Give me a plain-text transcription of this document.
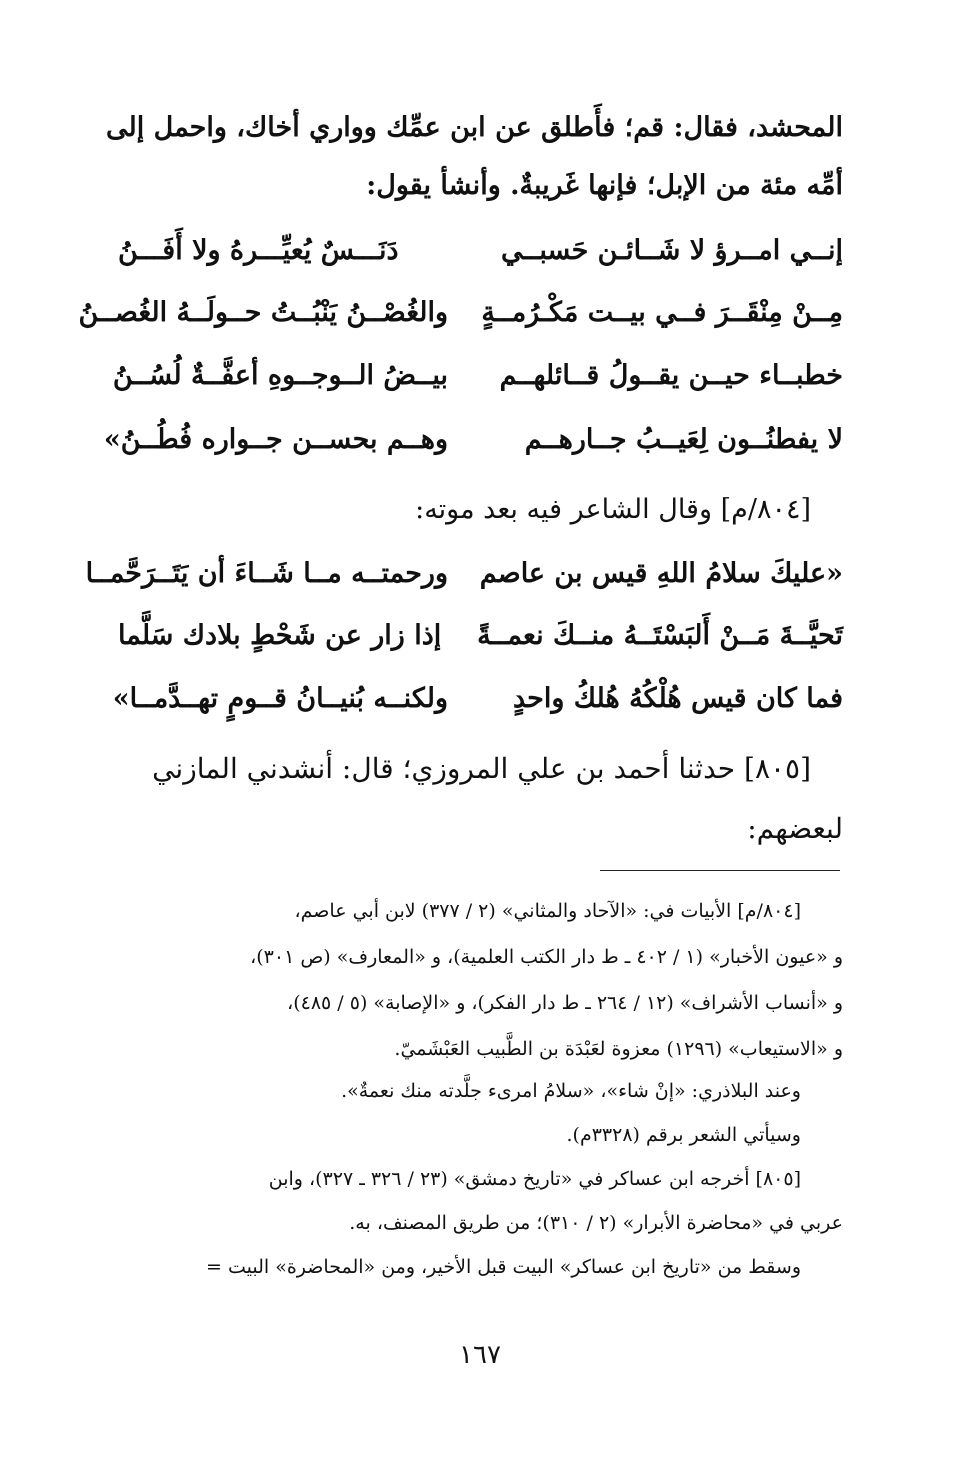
المحشد، فقال: قم؛ فأَطلق عن ابن عمِّك وواري أخاك، واحمل إلى
أمِّه مئة من الإبل؛ فإنها غَريبةٌ. وأنشأ يقول:
إنــي امــرؤ لا شَــائـن حَسبــي
دَنَـــسٌ يُعيِّـــرهُ ولا أَفَـــنُ
مِــنْ مِنْقَــرَ فــي بيــت مَكْـرُمــةٍ
والغُصْــنُ يَنْبُــتُ حــولَــهُ الغُصــنُ
خطبــاء حيــن يقــولُ قــائلهــم
بيــضُ الــوجــوهِ أعفَّــةٌ لُسُــنُ
لا يفطنُــون لِعَيــبُ جــارهــم
وهــم بحســن جــواره فُطُــنُ»
[٨٠٤/م] وقال الشاعر فيه بعد موته:
«عليكَ سلامُ اللهِ قيس بن عاصم
ورحمتــه مــا شَــاءَ أن يَتَــرَحَّمــا
تَحيَّــةَ مَــنْ أَلبَسْتَــهُ منــكَ نعمــةً
إذا زار عن شَحْطٍ بلادك سَلَّما
فما كان قيس هُلْكُهُ هُلكُ واحدٍ
ولكنــه بُنيــانُ قــومٍ تهــدَّمــا»
[٨٠٥] حدثنا أحمد بن علي المروزي؛ قال: أنشدني المازني
لبعضهم:
[٨٠٤/م] الأبيات في: «الآحاد والمثاني» (٢ / ٣٧٧) لابن أبي عاصم،
و «عيون الأخبار» (١ / ٤٠٢ ـ ط دار الكتب العلمية)، و «المعارف» (ص ٣٠١)،
و «أنساب الأشراف» (١٢ / ٢٦٤ ـ ط دار الفكر)، و «الإصابة» (٥ / ٤٨٥)،
و «الاستيعاب» (١٢٩٦) معزوة لعَبْدَة بن الطَّبيب العَبْشَميّ.
وعند البلاذري: «إنْ شاء»، «سلامُ امرىء جلَّدته منك نعمةٌ».
وسيأتي الشعر برقم (٣٣٢٨م).
[٨٠٥] أخرجه ابن عساكر في «تاريخ دمشق» (٢٣ / ٣٢٦ ـ ٣٢٧)، وابن
عربي في «محاضرة الأبرار» (٢ / ٣١٠)؛ من طريق المصنف، به.
وسقط من «تاريخ ابن عساكر» البيت قبل الأخير، ومن «المحاضرة» البيت =
١٦٧
